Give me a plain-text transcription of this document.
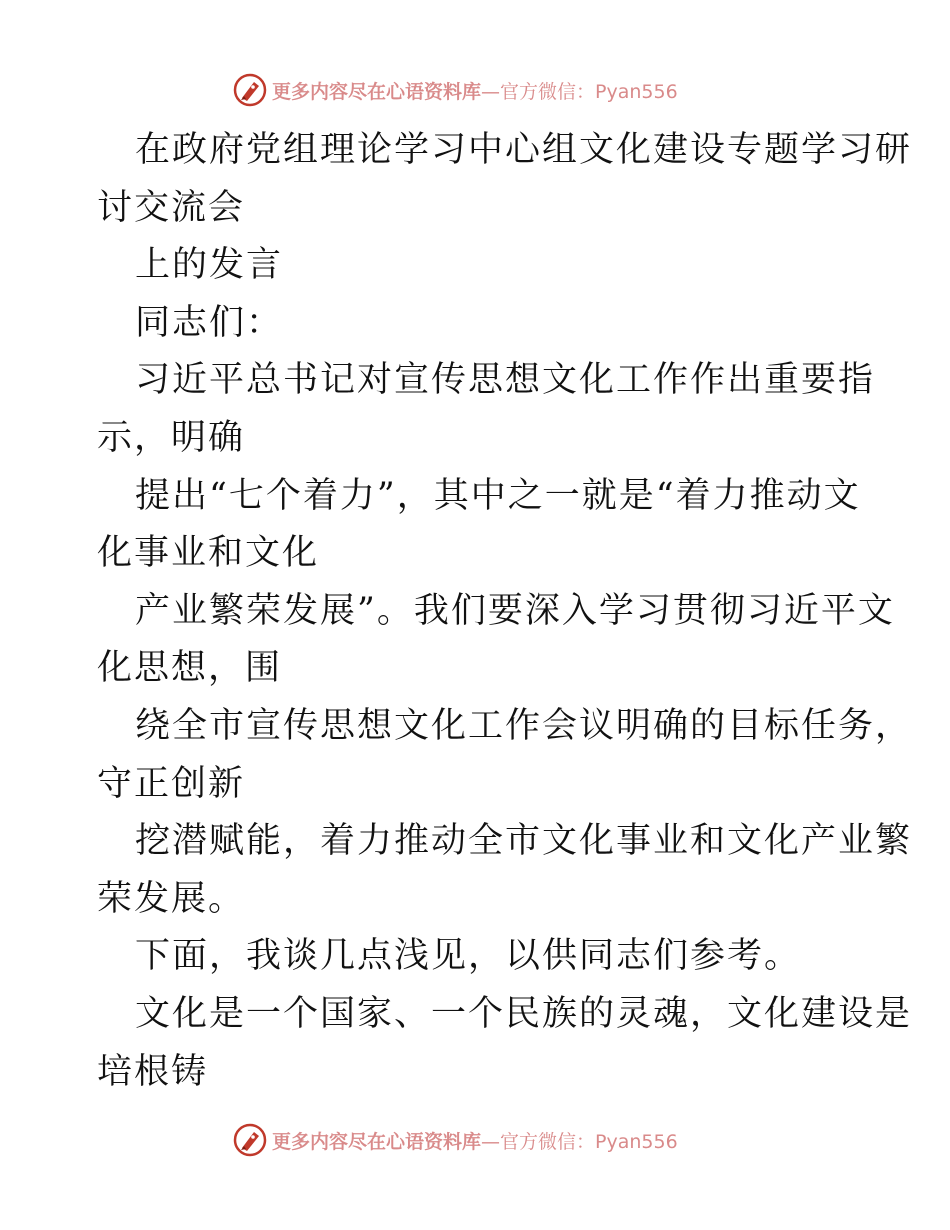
更多内容尽在心语资料库 —官方微信：Pyan556
在政府党组理论学习中心组文化建设专题学习研
讨交流会
上的发言
同志们：
习近平总书记对宣传思想文化工作作出重要指
示，明确
提出“七个着力”，其中之一就是“着力推动文
化事业和文化
产业繁荣发展”。我们要深入学习贯彻习近平文
化思想，围
绕全市宣传思想文化工作会议明确的目标任务，
守正创新
挖潜赋能，着力推动全市文化事业和文化产业繁
荣发展。
下面，我谈几点浅见，以供同志们参考。
文化是一个国家、一个民族的灵魂，文化建设是
培根铸
更多内容尽在心语资料库 —官方微信：Pyan556
